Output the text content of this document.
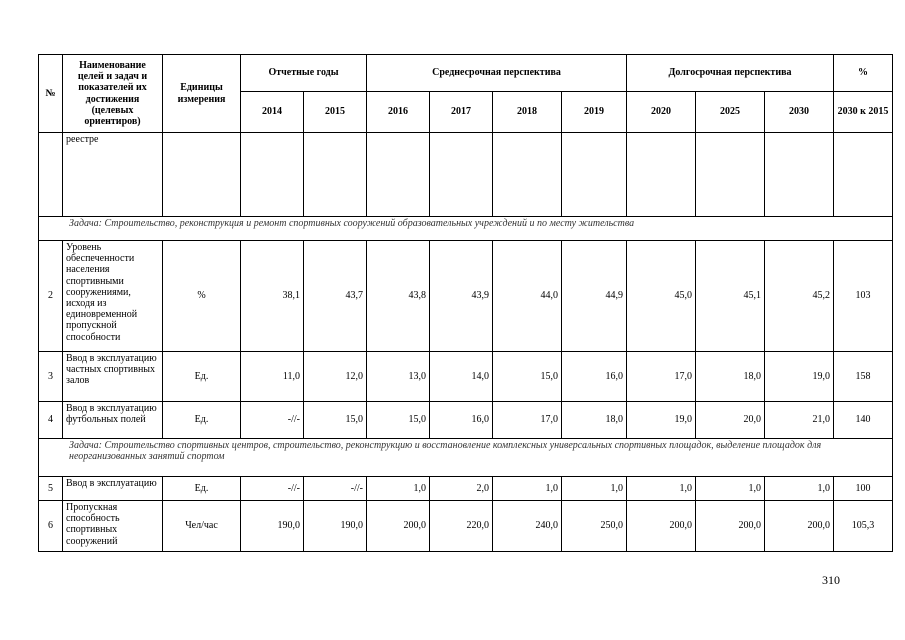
№	Наименование целей и задач и показателей их достижения (целевых ориентиров)	Единицы измерения	Отчетные годы		Среднесрочная перспектива				Долгосрочная перспектива			%
			2014	2015	2016	2017	2018	2019	2020	2025	2030	2030 к 2015
	реестре											
Задача: Строительство, реконструкция и ремонт спортивных сооружений образовательных учреждений и по месту жительства												
2	Уровень обеспеченности населения спортивными сооружениями, исходя из единовременной пропускной способности	%	38,1	43,7	43,8	43,9	44,0	44,9	45,0	45,1	45,2	103
3	Ввод в эксплуатацию частных спортивных залов	Ед.	11,0	12,0	13,0	14,0	15,0	16,0	17,0	18,0	19,0	158
4	Ввод в эксплуатацию футбольных полей	Ед.	-//-	15,0	15,0	16,0	17,0	18,0	19,0	20,0	21,0	140
Задача: Строительство спортивных центров, строительство, реконструкцию и восстановление комплексных универсальных спортивных площадок, выделение площадок для неорганизованных занятий спортом												
5	Ввод в эксплуатацию	Ед.	-//-	-//-	1,0	2,0	1,0	1,0	1,0	1,0	1,0	100
6	Пропускная способность спортивных сооружений	Чел/час	190,0	190,0	200,0	220,0	240,0	250,0	200,0	200,0	200,0	105,3
310
